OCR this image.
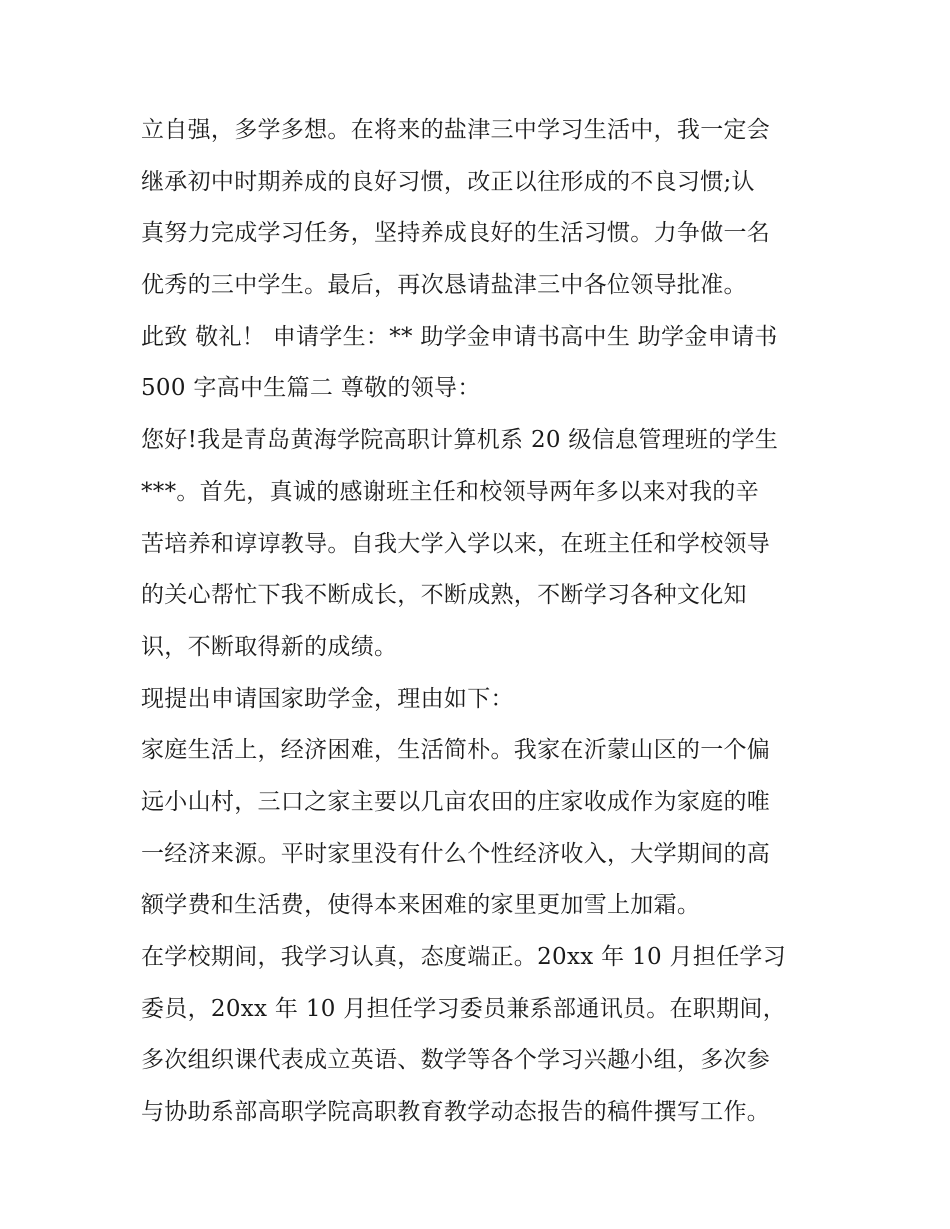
立自强，多学多想。在将来的盐津三中学习生活中，我一定会
继承初中时期养成的良好习惯，改正以往形成的不良习惯;认
真努力完成学习任务，坚持养成良好的生活习惯。力争做一名
优秀的三中学生。最后，再次恳请盐津三中各位领导批准。
此致 敬礼！ 申请学生：** 助学金申请书高中生 助学金申请书
500 字高中生篇二 尊敬的领导：
您好!我是青岛黄海学院高职计算机系 20 级信息管理班的学生
***。首先，真诚的感谢班主任和校领导两年多以来对我的辛
苦培养和谆谆教导。自我大学入学以来，在班主任和学校领导
的关心帮忙下我不断成长，不断成熟，不断学习各种文化知
识，不断取得新的成绩。
现提出申请国家助学金，理由如下：
家庭生活上，经济困难，生活简朴。我家在沂蒙山区的一个偏
远小山村，三口之家主要以几亩农田的庄家收成作为家庭的唯
一经济来源。平时家里没有什么个性经济收入，大学期间的高
额学费和生活费，使得本来困难的家里更加雪上加霜。
在学校期间，我学习认真，态度端正。20xx 年 10 月担任学习
委员，20xx 年 10 月担任学习委员兼系部通讯员。在职期间，
多次组织课代表成立英语、数学等各个学习兴趣小组，多次参
与协助系部高职学院高职教育教学动态报告的稿件撰写工作。
